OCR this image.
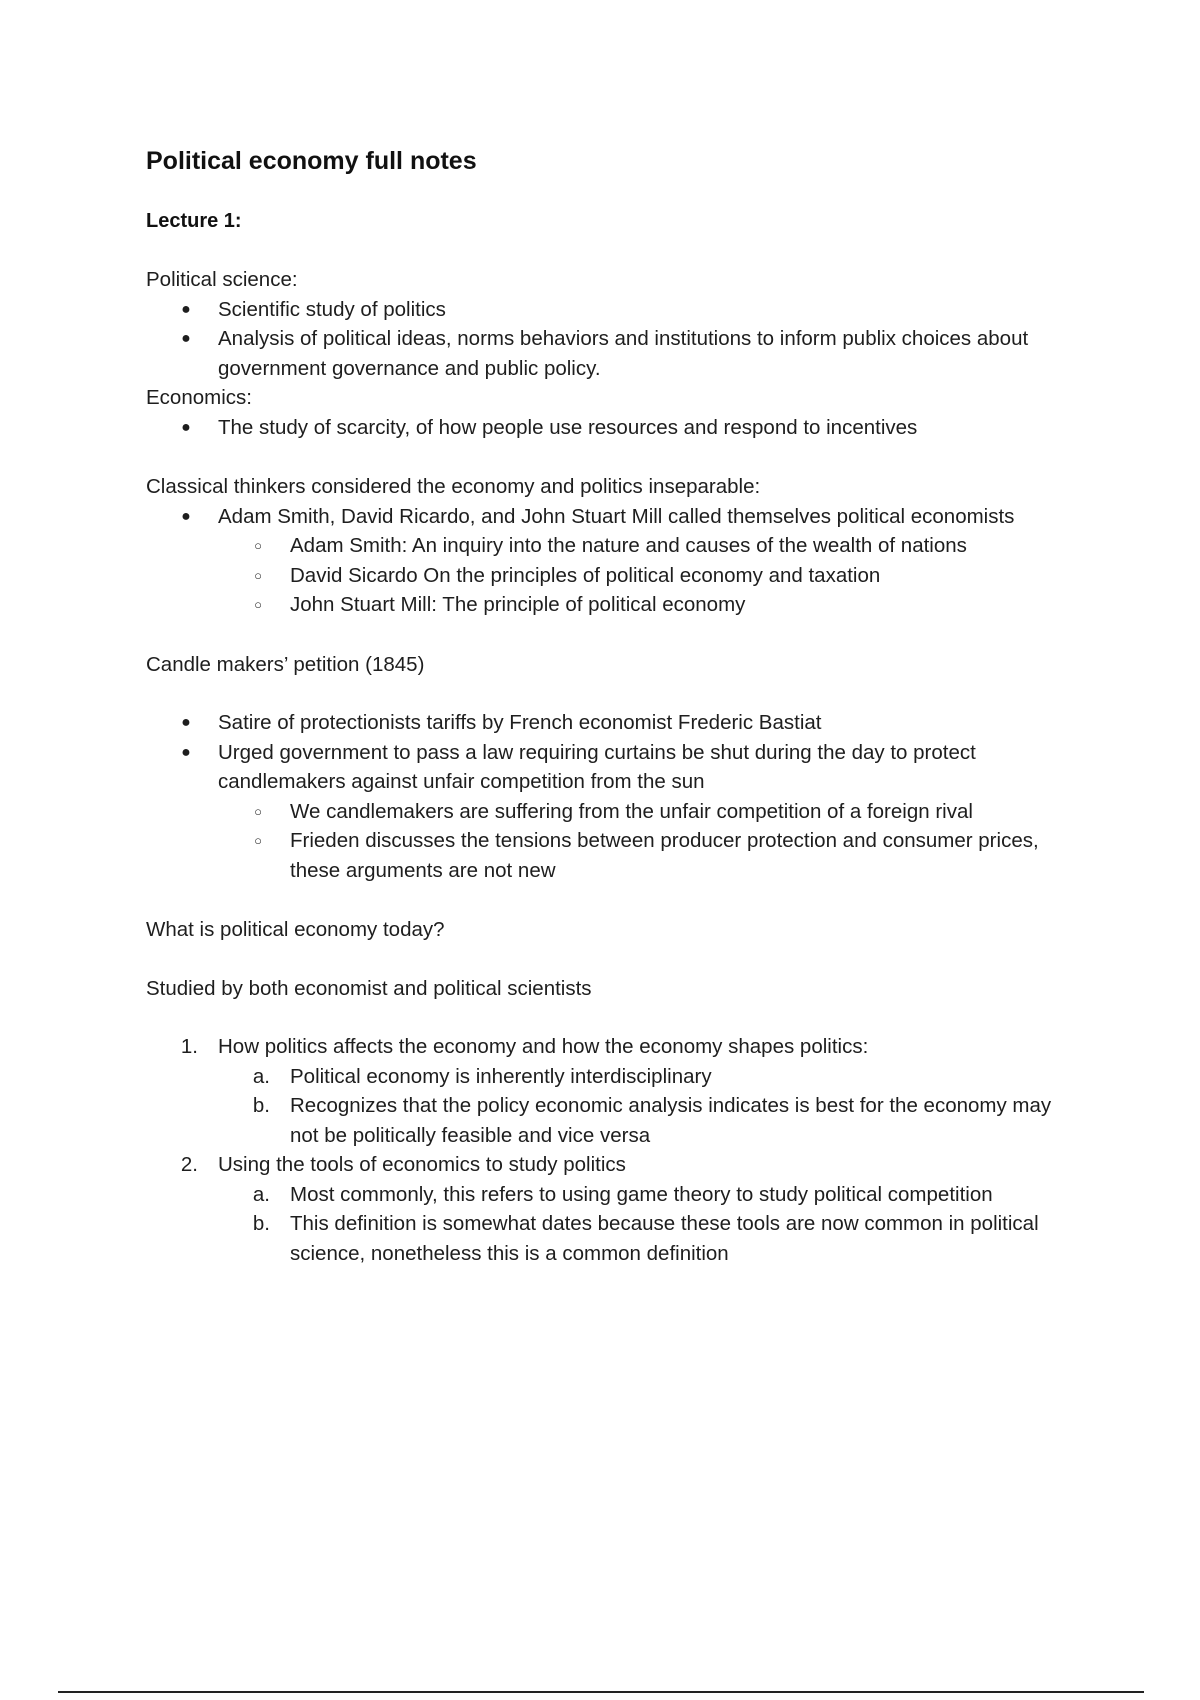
Political economy full notes
Lecture 1:

Political science:

● Scientific study of politics
● Analysis of political ideas, norms behaviors and institutions to inform publix choices about government governance and public policy.

Economics:

● The study of scarcity, of how people use resources and respond to incentives

Classical thinkers considered the economy and politics inseparable:

● Adam Smith, David Ricardo, and John Stuart Mill called themselves political economists
○ Adam Smith: An inquiry into the nature and causes of the wealth of nations
○ David Sicardo On the principles of political economy and taxation
○ John Stuart Mill: The principle of political economy

Candle makers’ petition (1845)

● Satire of protectionists tariffs by French economist Frederic Bastiat
● Urged government to pass a law requiring curtains be shut during the day to protect candlemakers against unfair competition from the sun
○ We candlemakers are suffering from the unfair competition of a foreign rival
○ Frieden discusses the tensions between producer protection and consumer prices, these arguments are not new

What is political economy today?

Studied by both economist and political scientists

1. How politics affects the economy and how the economy shapes politics:
a. Political economy is inherently interdisciplinary
b. Recognizes that the policy economic analysis indicates is best for the economy may not be politically feasible and vice versa
2. Using the tools of economics to study politics
a. Most commonly, this refers to using game theory to study political competition
b. This definition is somewhat dates because these tools are now common in political science, nonetheless this is a common definition
